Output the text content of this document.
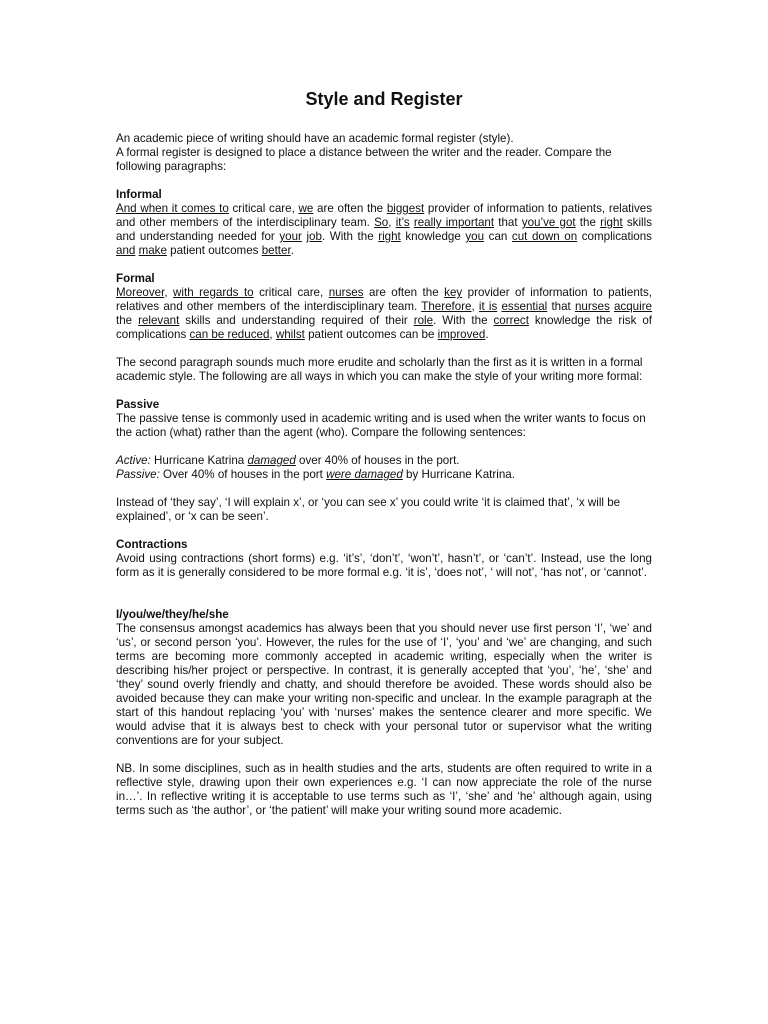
Style and Register
An academic piece of writing should have an academic formal register (style).
A formal register is designed to place a distance between the writer and the reader. Compare the following paragraphs:
Informal
And when it comes to critical care, we are often the biggest provider of information to patients, relatives and other members of the interdisciplinary team. So, it’s really important that you’ve got the right skills and understanding needed for your job. With the right knowledge you can cut down on complications and make patient outcomes better.
Formal
Moreover, with regards to critical care, nurses are often the key provider of information to patients, relatives and other members of the interdisciplinary team. Therefore, it is essential that nurses acquire the relevant skills and understanding required of their role. With the correct knowledge the risk of complications can be reduced, whilst patient outcomes can be improved.
The second paragraph sounds much more erudite and scholarly than the first as it is written in a formal academic style. The following are all ways in which you can make the style of your writing more formal:
Passive
The passive tense is commonly used in academic writing and is used when the writer wants to focus on the action (what) rather than the agent (who). Compare the following sentences:
Active: Hurricane Katrina damaged over 40% of houses in the port.
Passive: Over 40% of houses in the port were damaged by Hurricane Katrina.
Instead of ‘they say’, ‘I will explain x’, or ‘you can see x’ you could write ‘it is claimed that’, ‘x will be explained’, or ‘x can be seen’.
Contractions
Avoid using contractions (short forms) e.g. ‘it’s’, ‘don’t’, ‘won’t’, hasn’t’, or ‘can’t’. Instead, use the long form as it is generally considered to be more formal e.g. ‘it is’, ‘does not’, ‘ will not’, ‘has not’, or ‘cannot’.
I/you/we/they/he/she
The consensus amongst academics has always been that you should never use first person ‘I’, ‘we’ and ‘us’, or second person ‘you’. However, the rules for the use of ‘I’, ‘you’ and ‘we’ are changing, and such terms are becoming more commonly accepted in academic writing, especially when the writer is describing his/her project or perspective. In contrast, it is generally accepted that ‘you’, ‘he’, ‘she’ and ‘they’ sound overly friendly and chatty, and should therefore be avoided. These words should also be avoided because they can make your writing non-specific and unclear. In the example paragraph at the start of this handout replacing ‘you’ with ‘nurses’ makes the sentence clearer and more specific. We would advise that it is always best to check with your personal tutor or supervisor what the writing conventions are for your subject.
NB. In some disciplines, such as in health studies and the arts, students are often required to write in a reflective style, drawing upon their own experiences e.g. ‘I can now appreciate the role of the nurse in…’. In reflective writing it is acceptable to use terms such as ‘I’, ‘she’ and ‘he’ although again, using terms such as ‘the author’, or ‘the patient’ will make your writing sound more academic.
